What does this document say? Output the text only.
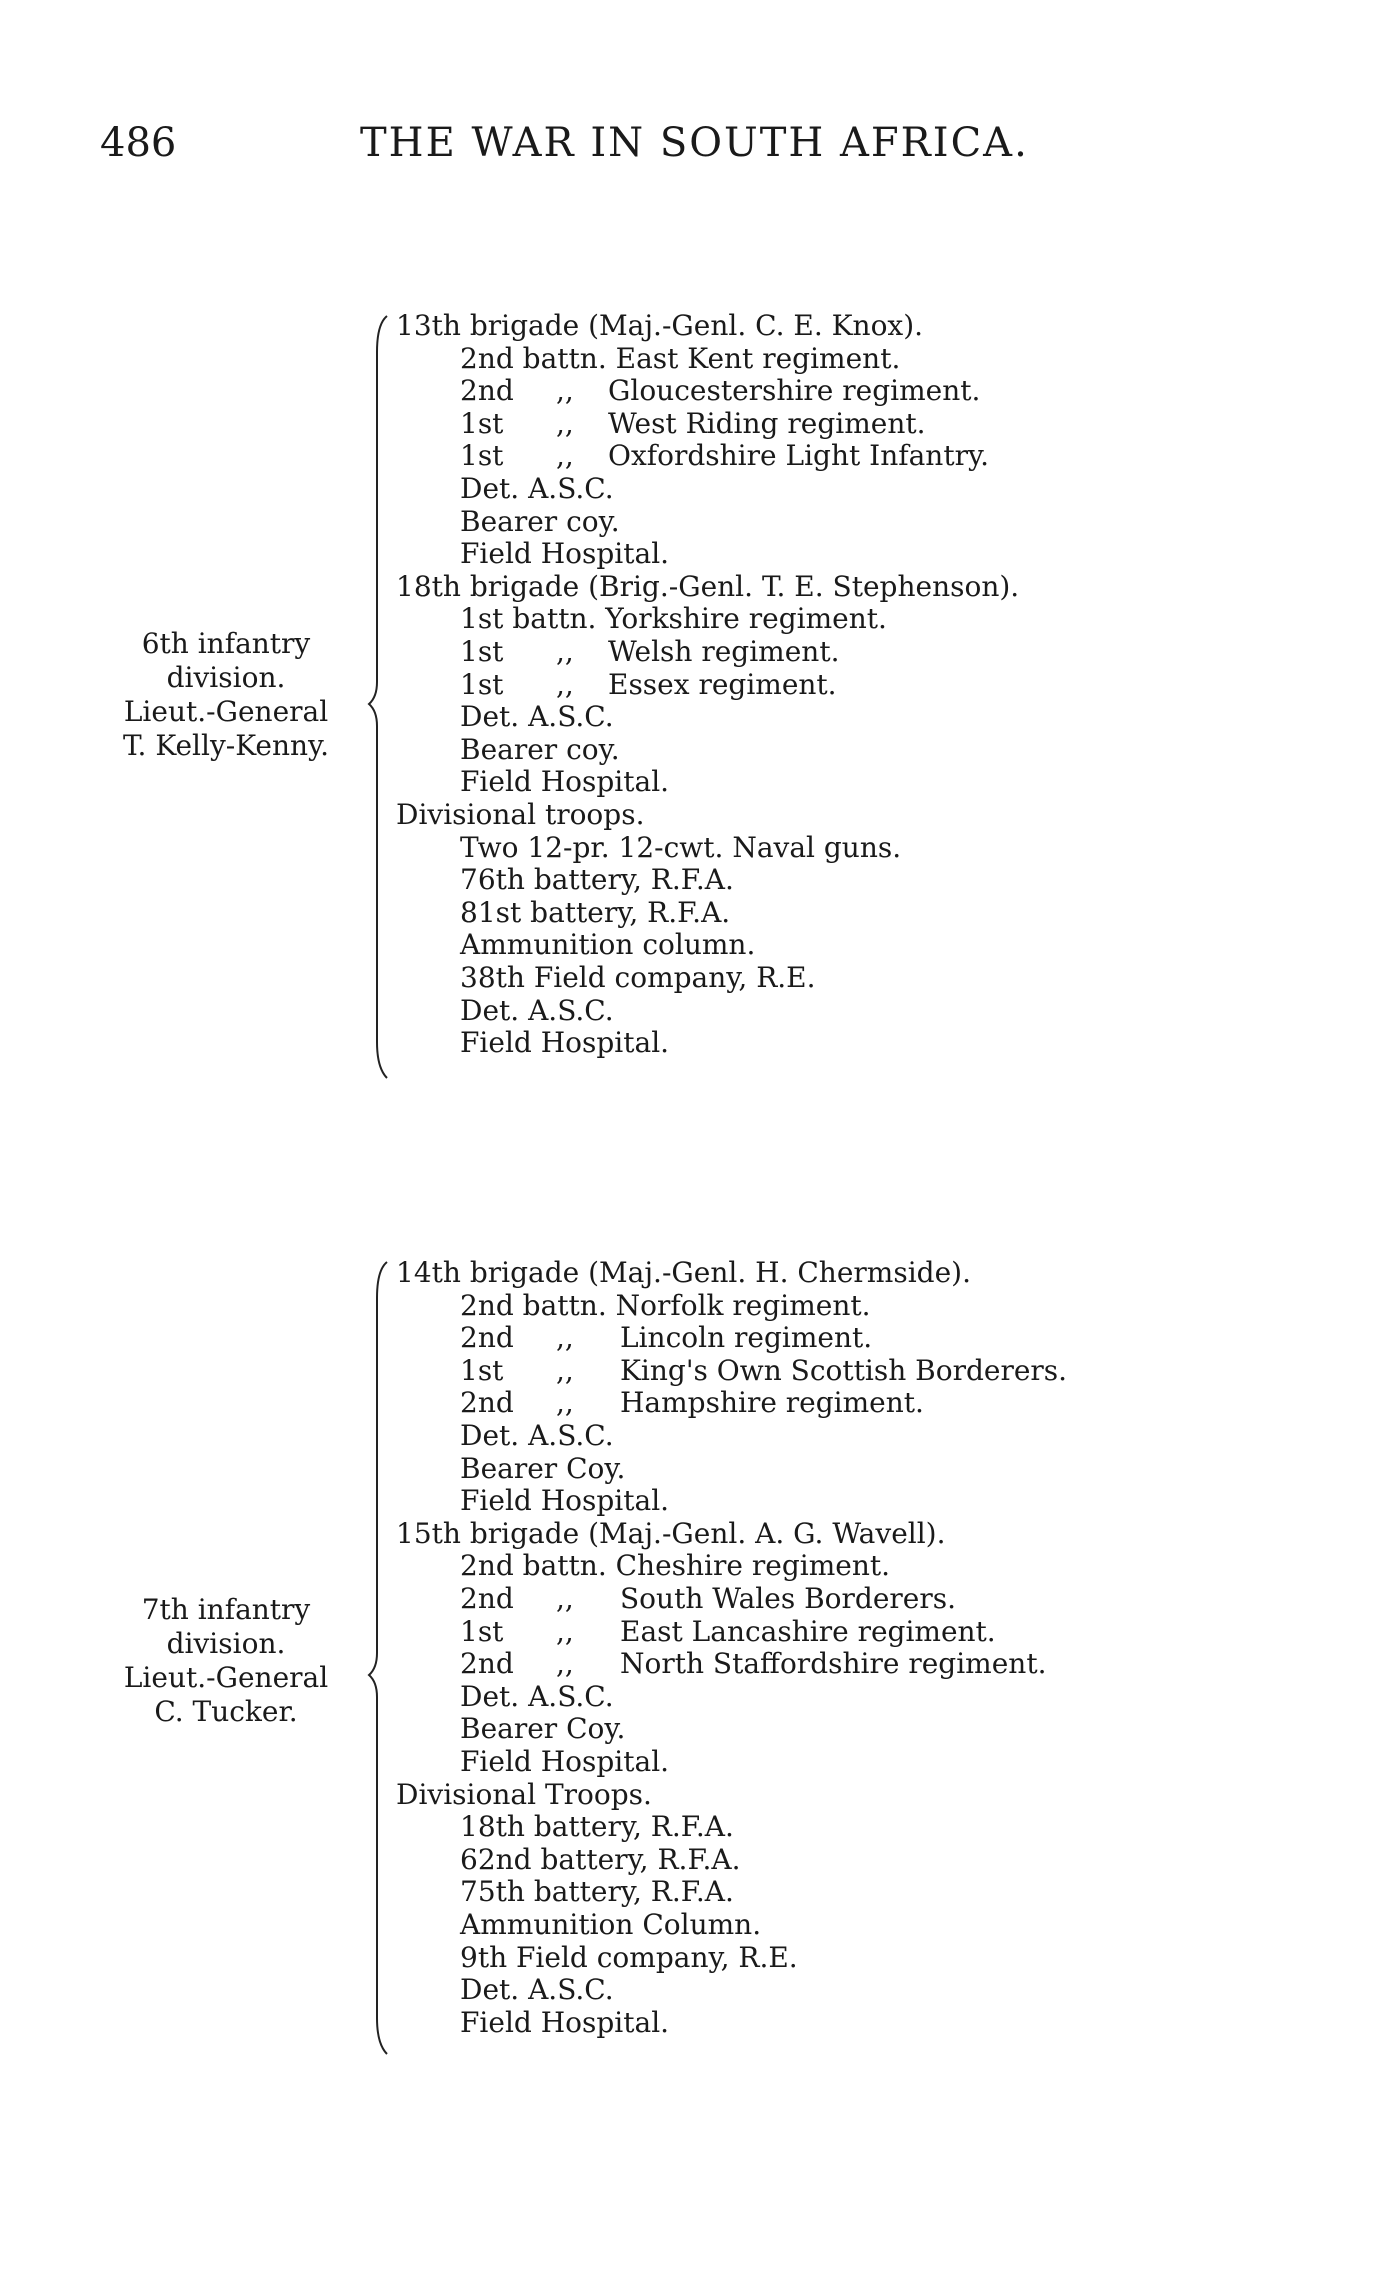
486	THE WAR IN SOUTH AFRICA.
6th infantry
division.
Lieut.-General
T. Kelly-Kenny.
13th brigade (Maj.-Genl. C. E. Knox).
2nd battn. East Kent regiment.
2nd ,, Gloucestershire regiment.
1st ,, West Riding regiment.
1st ,, Oxfordshire Light Infantry.
Det. A.S.C.
Bearer coy.
Field Hospital.
18th brigade (Brig.-Genl. T. E. Stephenson).
1st battn. Yorkshire regiment.
1st ,, Welsh regiment.
1st ,, Essex regiment.
Det. A.S.C.
Bearer coy.
Field Hospital.
Divisional troops.
Two 12-pr. 12-cwt. Naval guns.
76th battery, R.F.A.
81st battery, R.F.A.
Ammunition column.
38th Field company, R.E.
Det. A.S.C.
Field Hospital.
7th infantry
division.
Lieut.-General
C. Tucker.
14th brigade (Maj.-Genl. H. Chermside).
2nd battn. Norfolk regiment.
2nd ,, Lincoln regiment.
1st ,, King's Own Scottish Borderers.
2nd ,, Hampshire regiment.
Det. A.S.C.
Bearer Coy.
Field Hospital.
15th brigade (Maj.-Genl. A. G. Wavell).
2nd battn. Cheshire regiment.
2nd ,, South Wales Borderers.
1st ,, East Lancashire regiment.
2nd ,, North Staffordshire regiment.
Det. A.S.C.
Bearer Coy.
Field Hospital.
Divisional Troops.
18th battery, R.F.A.
62nd battery, R.F.A.
75th battery, R.F.A.
Ammunition Column.
9th Field company, R.E.
Det. A.S.C.
Field Hospital.
